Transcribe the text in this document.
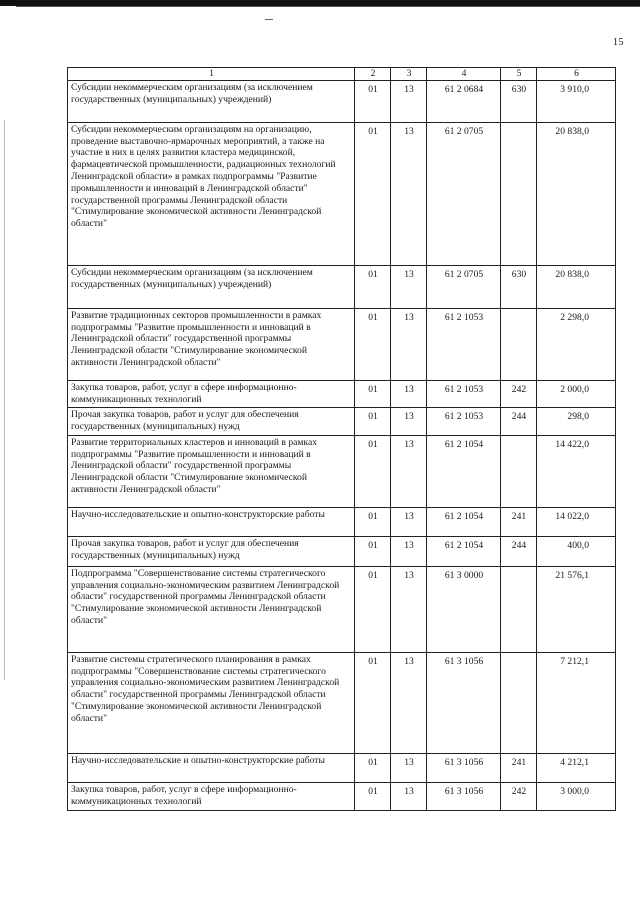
15
1	2	3	4	5	6
Субсидии некоммерческим организациям (за исключением государственных (муниципальных) учреждений)	01	13	61 2 0684	630	3 910,0
Субсидии некоммерческим организациям на организацию, проведение выставочно-ярмарочных мероприятий, а также на участие в них в целях развития кластера медицинской, фармацевтической промышленности, радиационных технологий Ленинградской области» в рамках подпрограммы "Развитие промышленности и инноваций в Ленинградской области" государственной программы Ленинградской области "Стимулирование экономической активности Ленинградской области"	01	13	61 2 0705		20 838,0
Субсидии некоммерческим организациям (за исключением государственных (муниципальных) учреждений)	01	13	61 2 0705	630	20 838,0
Развитие традиционных секторов промышленности в рамках подпрограммы "Развитие промышленности и инноваций в Ленинградской области" государственной программы Ленинградской области "Стимулирование экономической активности Ленинградской области"	01	13	61 2 1053		2 298,0
Закупка товаров, работ, услуг в сфере информационно-коммуникационных технологий	01	13	61 2 1053	242	2 000,0
Прочая закупка товаров, работ и услуг для обеспечения государственных (муниципальных) нужд	01	13	61 2 1053	244	298,0
Развитие территориальных кластеров и инноваций в рамках подпрограммы "Развитие промышленности и инноваций в Ленинградской области" государственной программы Ленинградской области "Стимулирование экономической активности Ленинградской области"	01	13	61 2 1054		14 422,0
Научно-исследовательские и опытно-конструкторские работы	01	13	61 2 1054	241	14 022,0
Прочая закупка товаров, работ и услуг для обеспечения государственных (муниципальных) нужд	01	13	61 2 1054	244	400,0
Подпрограмма "Совершенствование системы стратегического управления социально-экономическим развитием Ленинградской области" государственной программы Ленинградской области "Стимулирование экономической активности Ленинградской области"	01	13	61 3 0000		21 576,1
Развитие системы стратегического планирования в рамках подпрограммы "Совершенствование системы стратегического управления социально-экономическим развитием Ленинградской области" государственной программы Ленинградской области "Стимулирование экономической активности Ленинградской области"	01	13	61 3 1056		7 212,1
Научно-исследовательские и опытно-конструкторские работы	01	13	61 3 1056	241	4 212,1
Закупка товаров, работ, услуг в сфере информационно-коммуникационных технологий	01	13	61 3 1056	242	3 000,0
